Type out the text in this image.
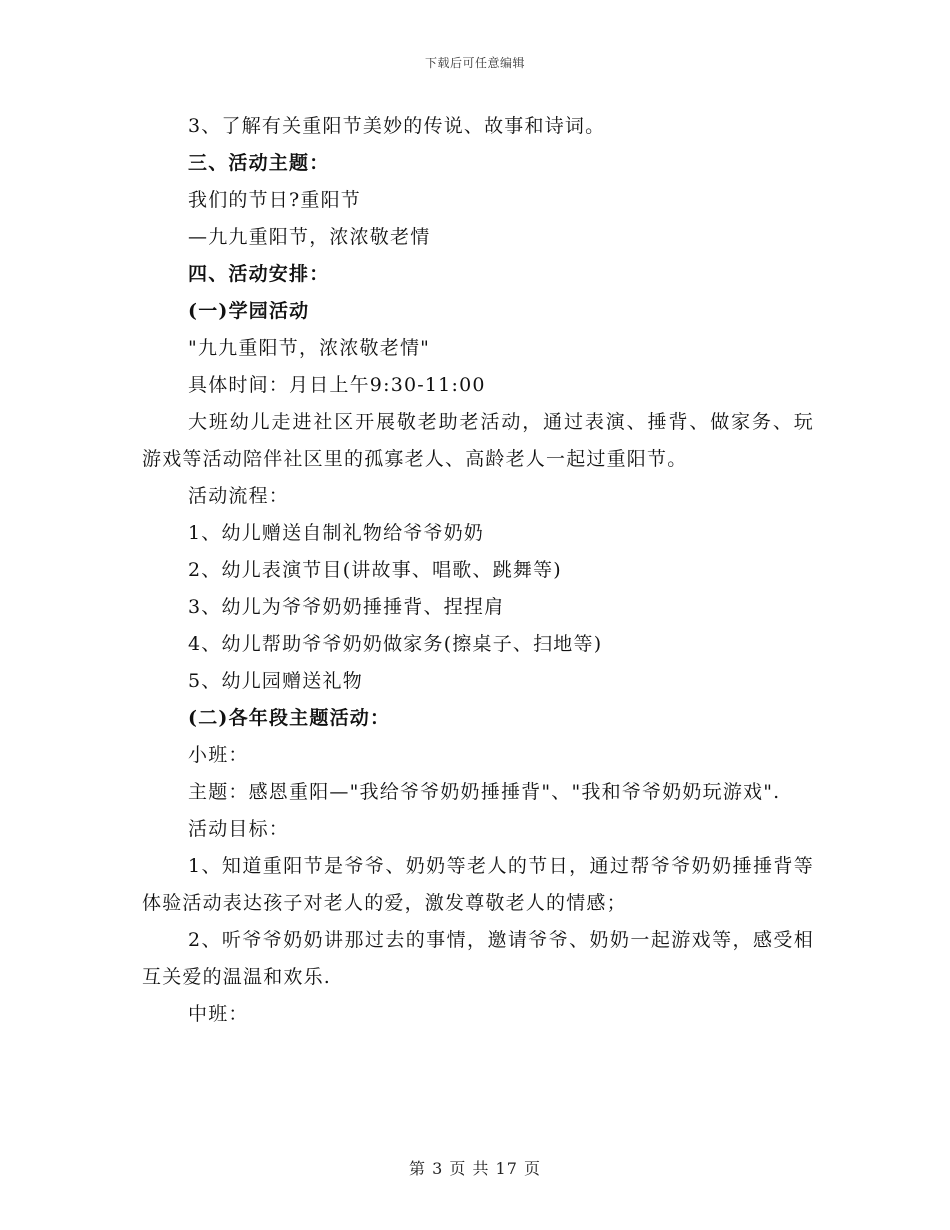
下载后可任意编辑

3、了解有关重阳节美妙的传说、故事和诗词。

三、活动主题：

我们的节日?重阳节

—九九重阳节，浓浓敬老情

四、活动安排：

(一)学园活动

"九九重阳节，浓浓敬老情"

具体时间：月日上午9:30-11:00

大班幼儿走进社区开展敬老助老活动，通过表演、捶背、做家务、玩游戏等活动陪伴社区里的孤寡老人、高龄老人一起过重阳节。

活动流程：

1、幼儿赠送自制礼物给爷爷奶奶

2、幼儿表演节目(讲故事、唱歌、跳舞等)

3、幼儿为爷爷奶奶捶捶背、捏捏肩

4、幼儿帮助爷爷奶奶做家务(擦桌子、扫地等)

5、幼儿园赠送礼物

(二)各年段主题活动：

小班：

主题：感恩重阳—"我给爷爷奶奶捶捶背"、"我和爷爷奶奶玩游戏".

活动目标：

1、知道重阳节是爷爷、奶奶等老人的节日，通过帮爷爷奶奶捶捶背等体验活动表达孩子对老人的爱，激发尊敬老人的情感；

2、听爷爷奶奶讲那过去的事情，邀请爷爷、奶奶一起游戏等，感受相互关爱的温温和欢乐.

中班：

第 3 页 共 17 页
